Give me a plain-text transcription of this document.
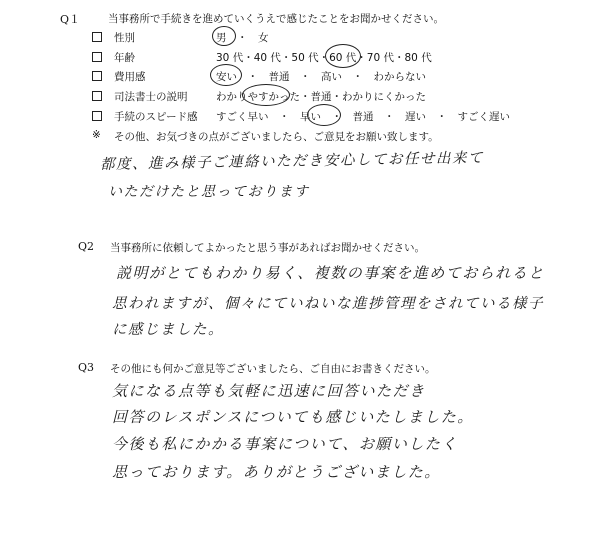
Q１	当事務所で手続きを進めていくうえで感じたことをお聞かせください。
性別	男　・　女
年齢	30 代・40 代・50 代・60 代・70 代・80 代
費用感	安い　・　普通　・　高い　・　わからない
司法書士の説明	わかりやすかった・普通・わかりにくかった
手続のスピード感 すごく早い　・　早い　・　普通　・　遅い　・　すごく遅い
※ その他、お気づきの点がございましたら、ご意見をお願い致します。
都度、進み様子ご連絡いただき安心してお任せ出来て
いただけたと思っております
Q2 当事務所に依頼してよかったと思う事があればお聞かせください。
説明がとてもわかり易く、複数の事案を進めておられると
思われますが、個々にていねいな進捗管理をされている様子
に感じました。
Q3 その他にも何かご意見等ございましたら、ご自由にお書きください。
気になる点等も気軽に迅速に回答いただき
回答のレスポンスについても感じいたしました。
今後も私にかかる事案について、お願いしたく
思っております。ありがとうございました。
